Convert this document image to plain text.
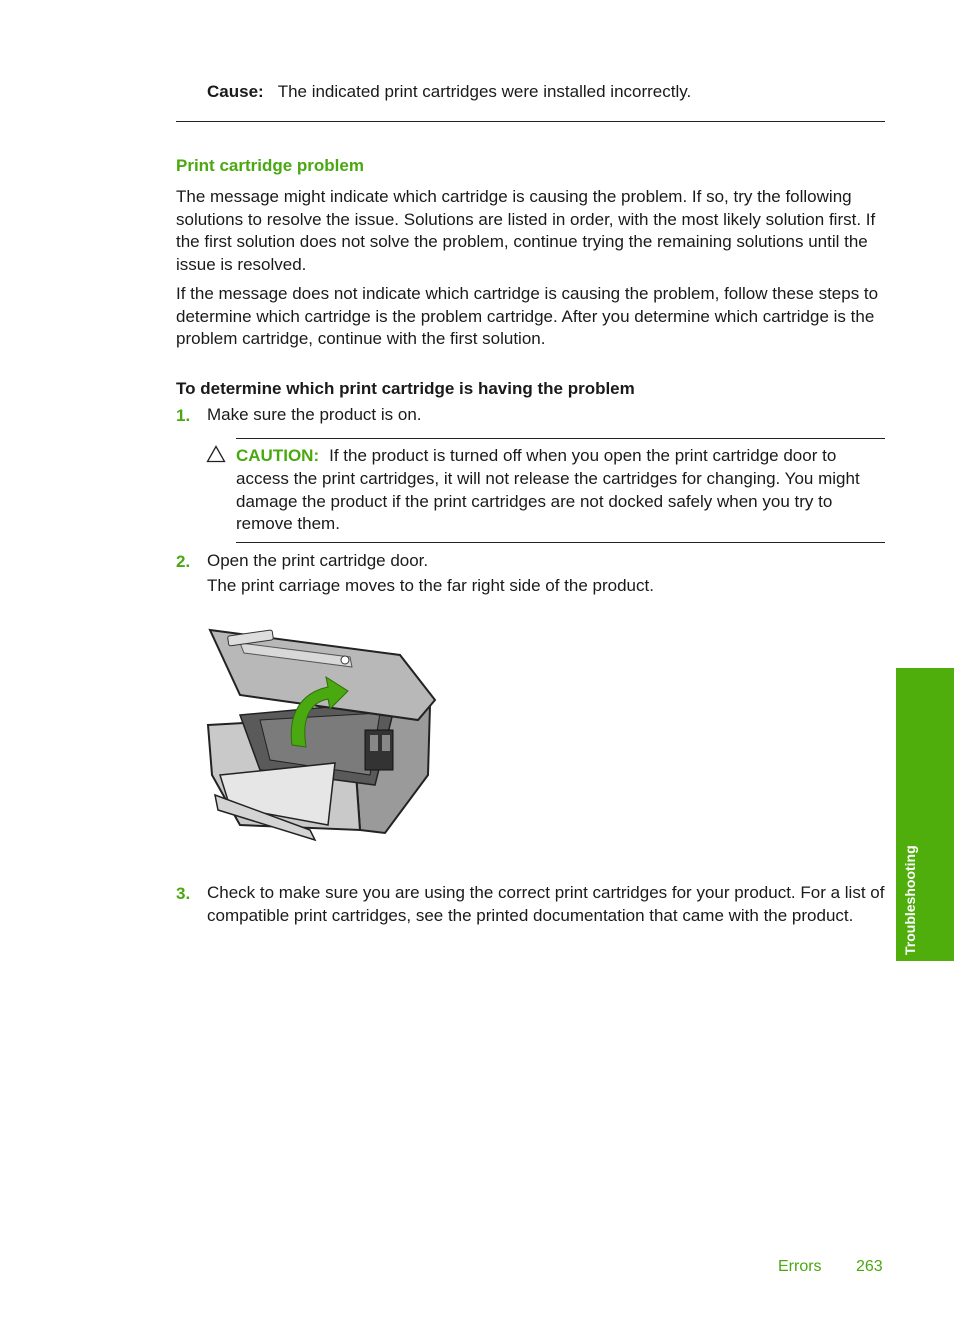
Cause: The indicated print cartridges were installed incorrectly.
Print cartridge problem
The message might indicate which cartridge is causing the problem. If so, try the following solutions to resolve the issue. Solutions are listed in order, with the most likely solution first. If the first solution does not solve the problem, continue trying the remaining solutions until the issue is resolved.
If the message does not indicate which cartridge is causing the problem, follow these steps to determine which cartridge is the problem cartridge. After you determine which cartridge is the problem cartridge, continue with the first solution.
To determine which print cartridge is having the problem
1. Make sure the product is on.
CAUTION: If the product is turned off when you open the print cartridge door to access the print cartridges, it will not release the cartridges for changing. You might damage the product if the print cartridges are not docked safely when you try to remove them.
2. Open the print cartridge door.
The print carriage moves to the far right side of the product.
3. Check to make sure you are using the correct print cartridges for your product. For a list of compatible print cartridges, see the printed documentation that came with the product.	Troubleshooting
Errors 263
